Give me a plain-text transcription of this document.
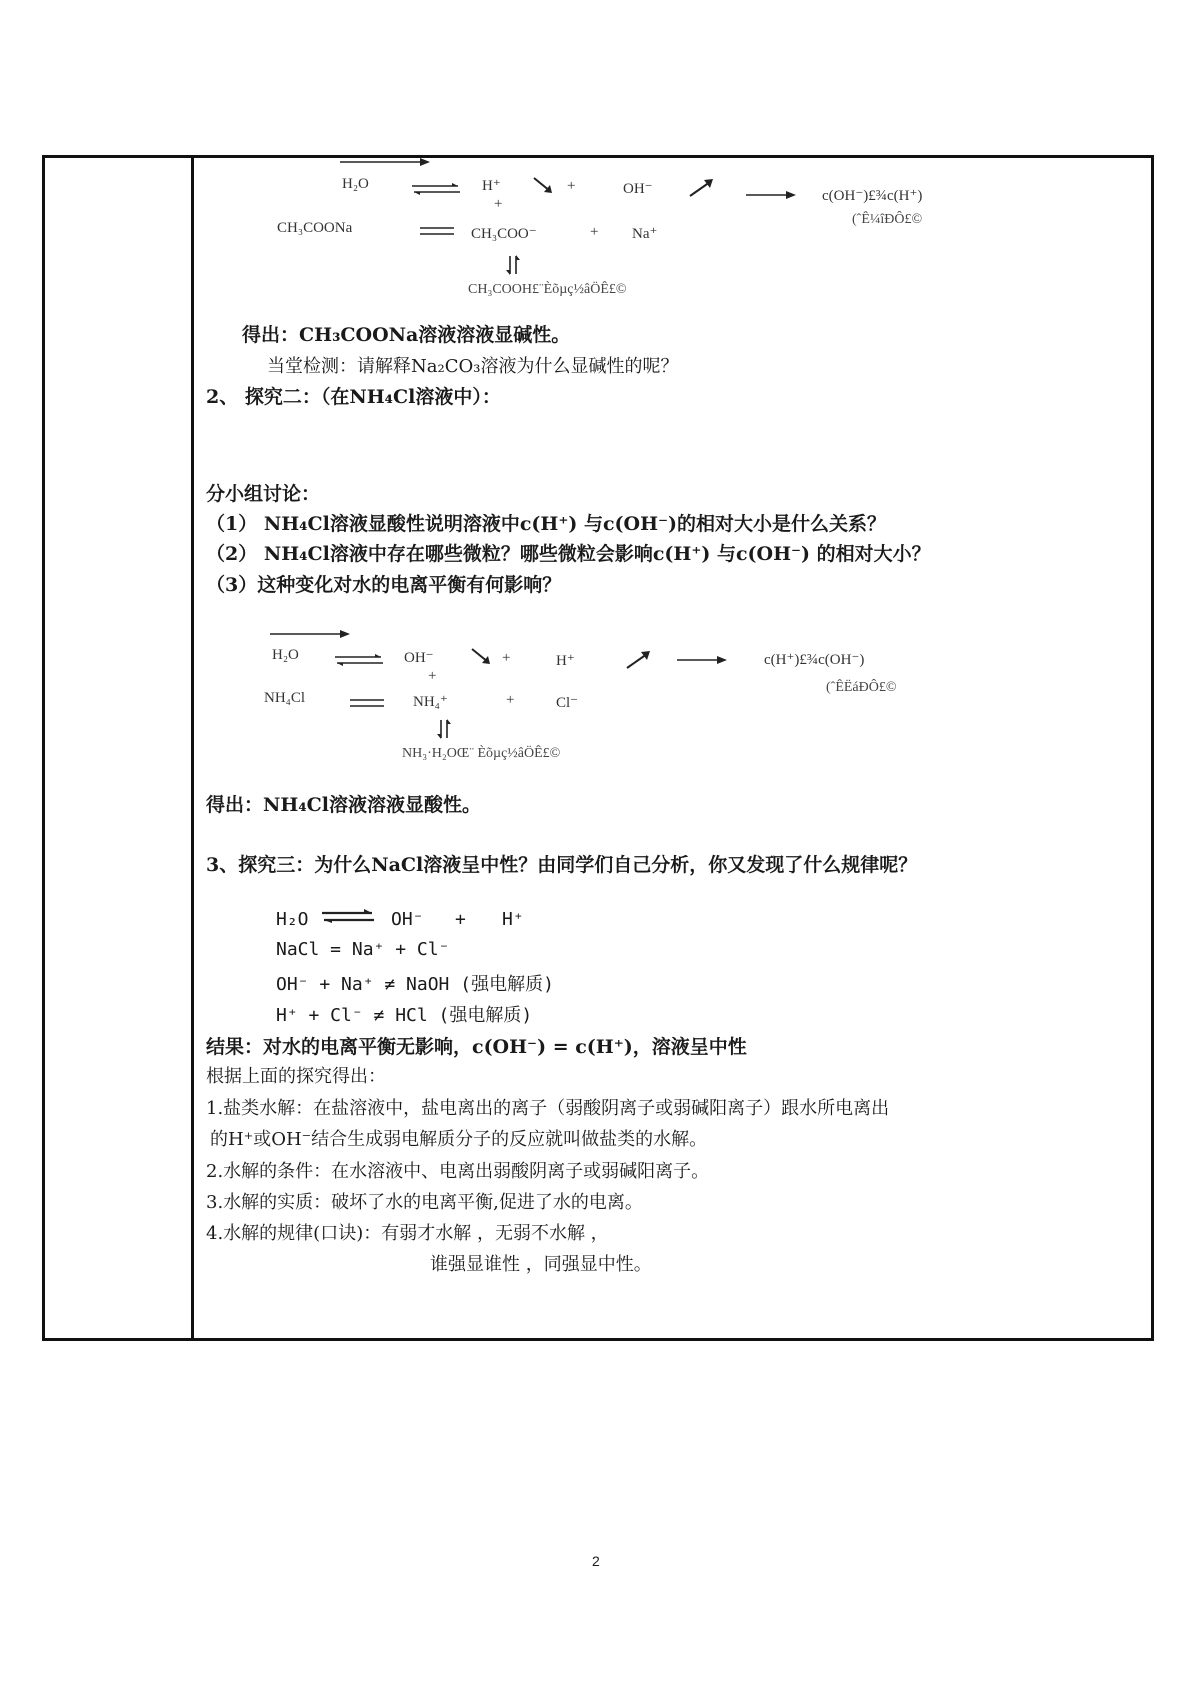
H₂O	⇌ H⁺	+	OH⁻	c(OH⁻)£¾c(H⁺)
+
(ˆÊ¼îÐÔ£©
CH₃COONa	CH₃COO⁻	+ Na⁺
CH₃COOH£¨Èõµç½âÖÊ£©
得出：CH₃COONa溶液溶液显碱性。
当堂检测：请解释Na₂CO₃溶液为什么显碱性的呢？
2、 探究二：（在NH₄Cl溶液中）：
分小组讨论：
（1） NH₄Cl溶液显酸性说明溶液中c(H⁺) 与c(OH⁻)的相对大小是什么关系？
（2） NH₄Cl溶液中存在哪些微粒？哪些微粒会影响c(H⁺) 与c(OH⁻) 的相对大小？
（3）这种变化对水的电离平衡有何影响？
H₂O ⇌ OH⁻	+	H⁺	c(H⁺)£¾c(OH⁻)
+
(ˆÊËáÐÔ£©
NH₄Cl	NH₄⁺	+	Cl⁻
NH₃·H₂OŒ¨ Èõµç½âÖÊ£©
得出：NH₄Cl溶液溶液显酸性。
3、探究三：为什么NaCl溶液呈中性？由同学们自己分析，你又发现了什么规律呢？
H₂O ⇌ OH⁻ + H⁺
NaCl = Na⁺ + Cl⁻
OH⁻ + Na⁺ ≠ NaOH (强电解质)
H⁺ + Cl⁻ ≠ HCl (强电解质)
结果：对水的电离平衡无影响，c(OH⁻) = c(H⁺)，溶液呈中性
根据上面的探究得出：
1.盐类水解：在盐溶液中，盐电离出的离子（弱酸阴离子或弱碱阳离子）跟水所电离出
的H⁺或OH⁻结合生成弱电解质分子的反应就叫做盐类的水解。
2.水解的条件：在水溶液中、电离出弱酸阴离子或弱碱阳离子。
3.水解的实质：破坏了水的电离平衡,促进了水的电离。
4.水解的规律(口诀)：有弱才水解 ，无弱不水解 ，
谁强显谁性 ，同强显中性。
2
